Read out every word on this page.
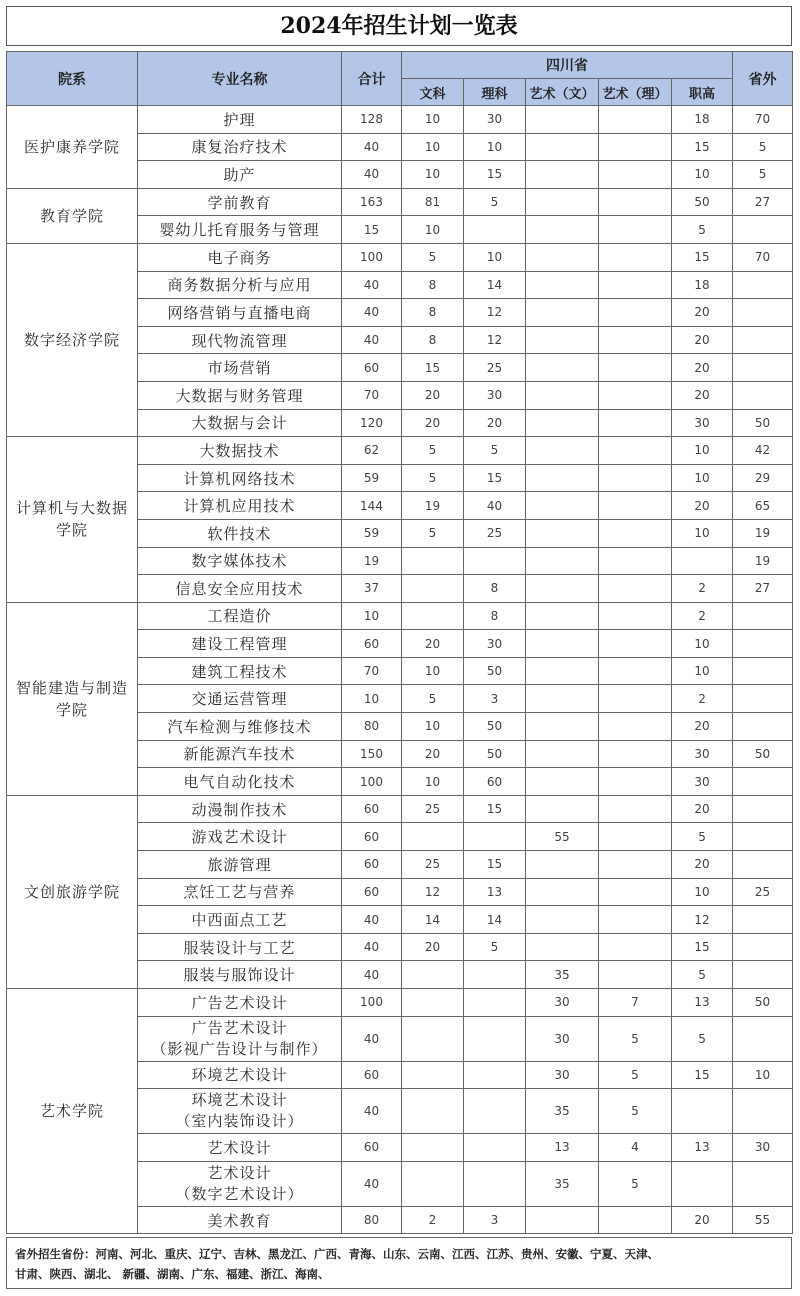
2024年招生计划一览表
院系	专业名称	合计	四川省					省外
			文科	理科	艺术（文）	艺术（理）	职高	
医护康养学院	护理	128	10	30			18	70
	康复治疗技术	40	10	10			15	5
	助产	40	10	15			10	5
教育学院	学前教育	163	81	5			50	27
	婴幼儿托育服务与管理	15	10				5	
数字经济学院	电子商务	100	5	10			15	70
	商务数据分析与应用	40	8	14			18	
	网络营销与直播电商	40	8	12			20	
	现代物流管理	40	8	12			20	
	市场营销	60	15	25			20	
	大数据与财务管理	70	20	30			20	
	大数据与会计	120	20	20			30	50

计算机与大数据
学院	大数据技术	62	5	5			10	42
	计算机网络技术	59	5	15			10	29
	计算机应用技术	144	19	40			20	65
	软件技术	59	5	25			10	19
	数字媒体技术	19						19
	信息安全应用技术	37		8			2	27

智能建造与制造
学院	工程造价	10		8			2	
	建设工程管理	60	20	30			10	
	建筑工程技术	70	10	50			10	
	交通运营管理	10	5	3			2	
	汽车检测与维修技术	80	10	50			20	
	新能源汽车技术	150	20	50			30	50
	电气自动化技术	100	10	60			30	
文创旅游学院	动漫制作技术	60	25	15			20	
	游戏艺术设计	60			55		5	
	旅游管理	60	25	15			20	
	烹饪工艺与营养	60	12	13			10	25
	中西面点工艺	40	14	14			12	
	服装设计与工艺	40	20	5			15	
	服装与服饰设计	40			35		5	
艺术学院	广告艺术设计	100			30	7	13	50

	广告艺术设计
（影视广告设计与制作）	40			30	5	5	
	环境艺术设计	60			30	5	15	10

	环境艺术设计
（室内装饰设计）	40			35	5		
	艺术设计	60			13	4	13	30

	艺术设计
（数字艺术设计）	40			35	5		
	美术教育	80	2	3			20	55
省外招生省份：河南、河北、重庆、辽宁、吉林、黑龙江、广西、青海、山东、云南、江西、江苏、贵州、安徽、宁夏、天津、
甘肃、陕西、湖北、 新疆、湖南、广东、福建、浙江、海南、
